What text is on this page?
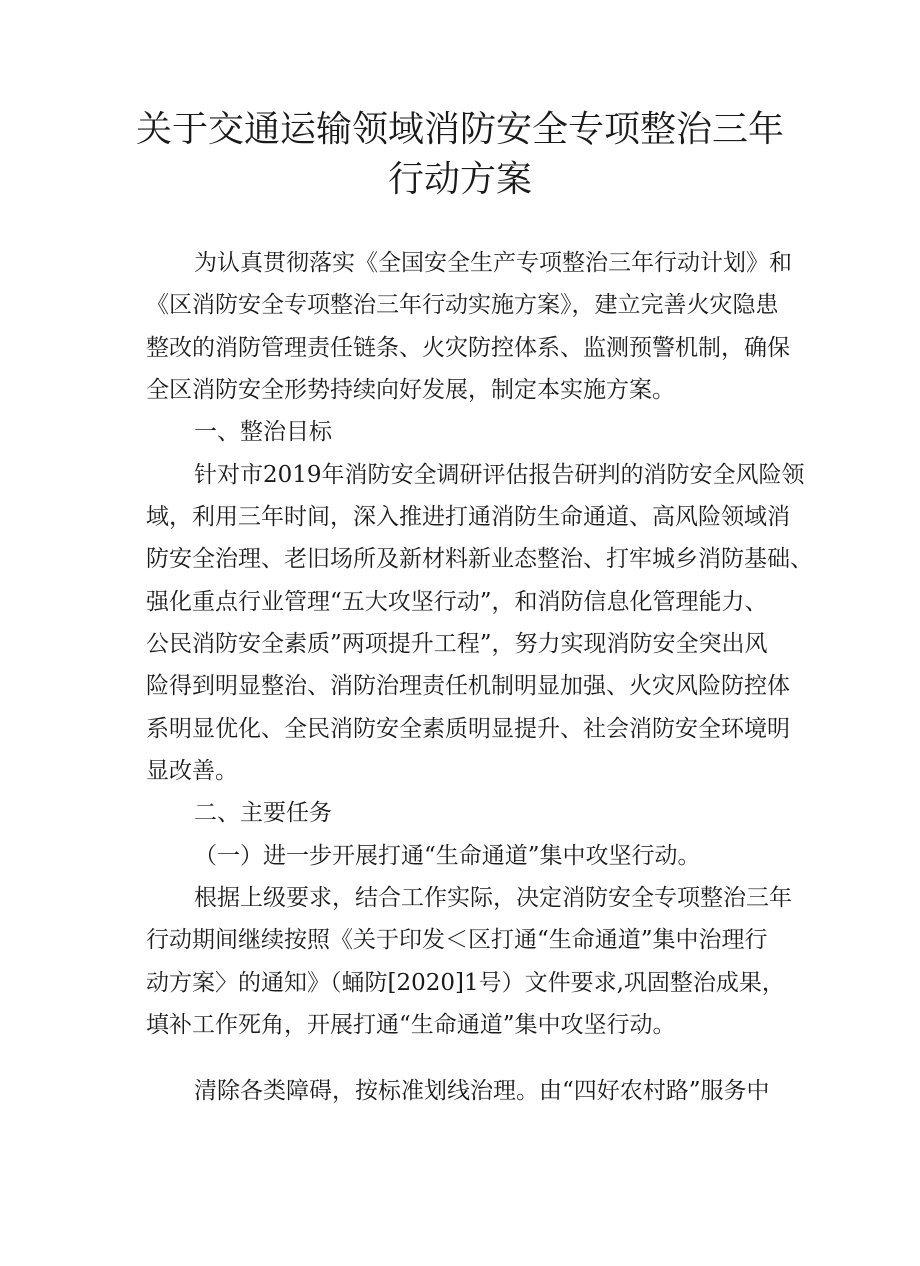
关于交通运输领域消防安全专项整治三年
行动方案

为认真贯彻落实《全国安全生产专项整治三年行动计划》和

《区消防安全专项整治三年行动实施方案》，建立完善火灾隐患

整改的消防管理责任链条、火灾防控体系、监测预警机制，确保

全区消防安全形势持续向好发展，制定本实施方案。

一、整治目标

针对市2019年消防安全调研评估报告研判的消防安全风险领

域，利用三年时间，深入推进打通消防生命通道、高风险领域消

防安全治理、老旧场所及新材料新业态整治、打牢城乡消防基础、

强化重点行业管理“五大攻坚行动”，和消防信息化管理能力、

公民消防安全素质”两项提升工程”，努力实现消防安全突出风

险得到明显整治、消防治理责任机制明显加强、火灾风险防控体

系明显优化、全民消防安全素质明显提升、社会消防安全环境明

显改善。

二、主要任务

（一）进一步开展打通“生命通道”集中攻坚行动。

根据上级要求，结合工作实际，决定消防安全专项整治三年

行动期间继续按照《关于印发＜区打通“生命通道”集中治理行

动方案〉的通知》（蛹防[2020]1号）文件要求,巩固整治成果，

填补工作死角，开展打通“生命通道”集中攻坚行动。

清除各类障碍，按标准划线治理。由“四好农村路”服务中
